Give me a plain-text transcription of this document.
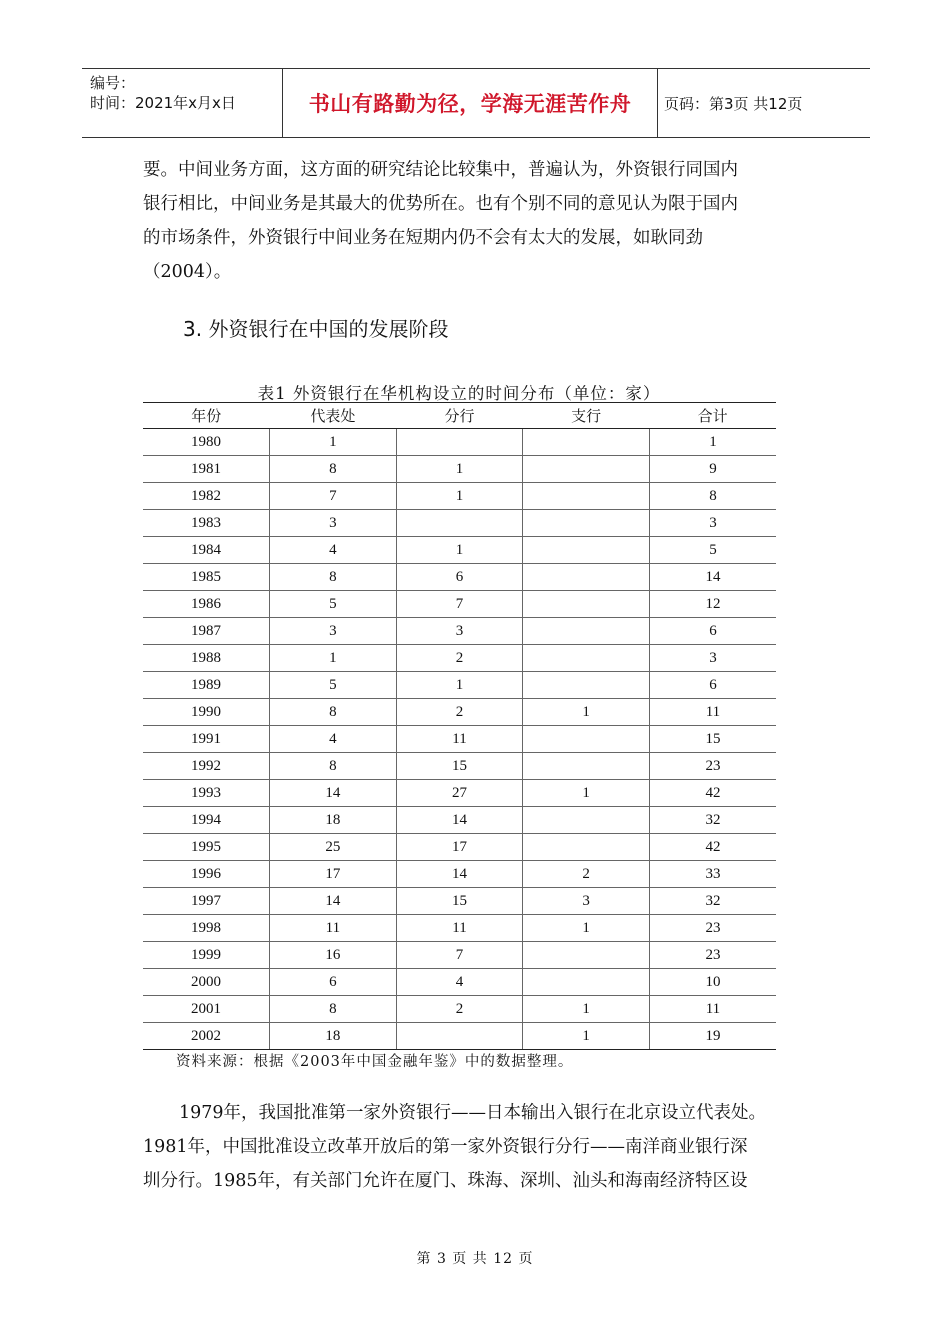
编号：
时间：2021年x月x日	书山有路勤为径，学海无涯苦作舟	页码：第3页 共12页
要。中间业务方面，这方面的研究结论比较集中，普遍认为，外资银行同国内
银行相比，中间业务是其最大的优势所在。也有个别不同的意见认为限于国内
的市场条件，外资银行中间业务在短期内仍不会有太大的发展，如耿同劲
（2004）。
3. 外资银行在中国的发展阶段
表1 外资银行在华机构设立的时间分布（单位：家）
年份	代表处	分行	支行	合计
1980	1			1
1981	8	1		9
1982	7	1		8
1983	3			3
1984	4	1		5
1985	8	6		14
1986	5	7		12
1987	3	3		6
1988	1	2		3
1989	5	1		6
1990	8	2	1	11
1991	4	11		15
1992	8	15		23
1993	14	27	1	42
1994	18	14		32
1995	25	17		42
1996	17	14	2	33
1997	14	15	3	32
1998	11	11	1	23
1999	16	7		23
2000	6	4		10
2001	8	2	1	11
2002	18		1	19
资料来源：根据《2003年中国金融年鉴》中的数据整理。
1979年，我国批准第一家外资银行——日本输出入银行在北京设立代表处。
1981年，中国批准设立改革开放后的第一家外资银行分行——南洋商业银行深
圳分行。1985年，有关部门允许在厦门、珠海、深圳、汕头和海南经济特区设
第 3 页 共 12 页
